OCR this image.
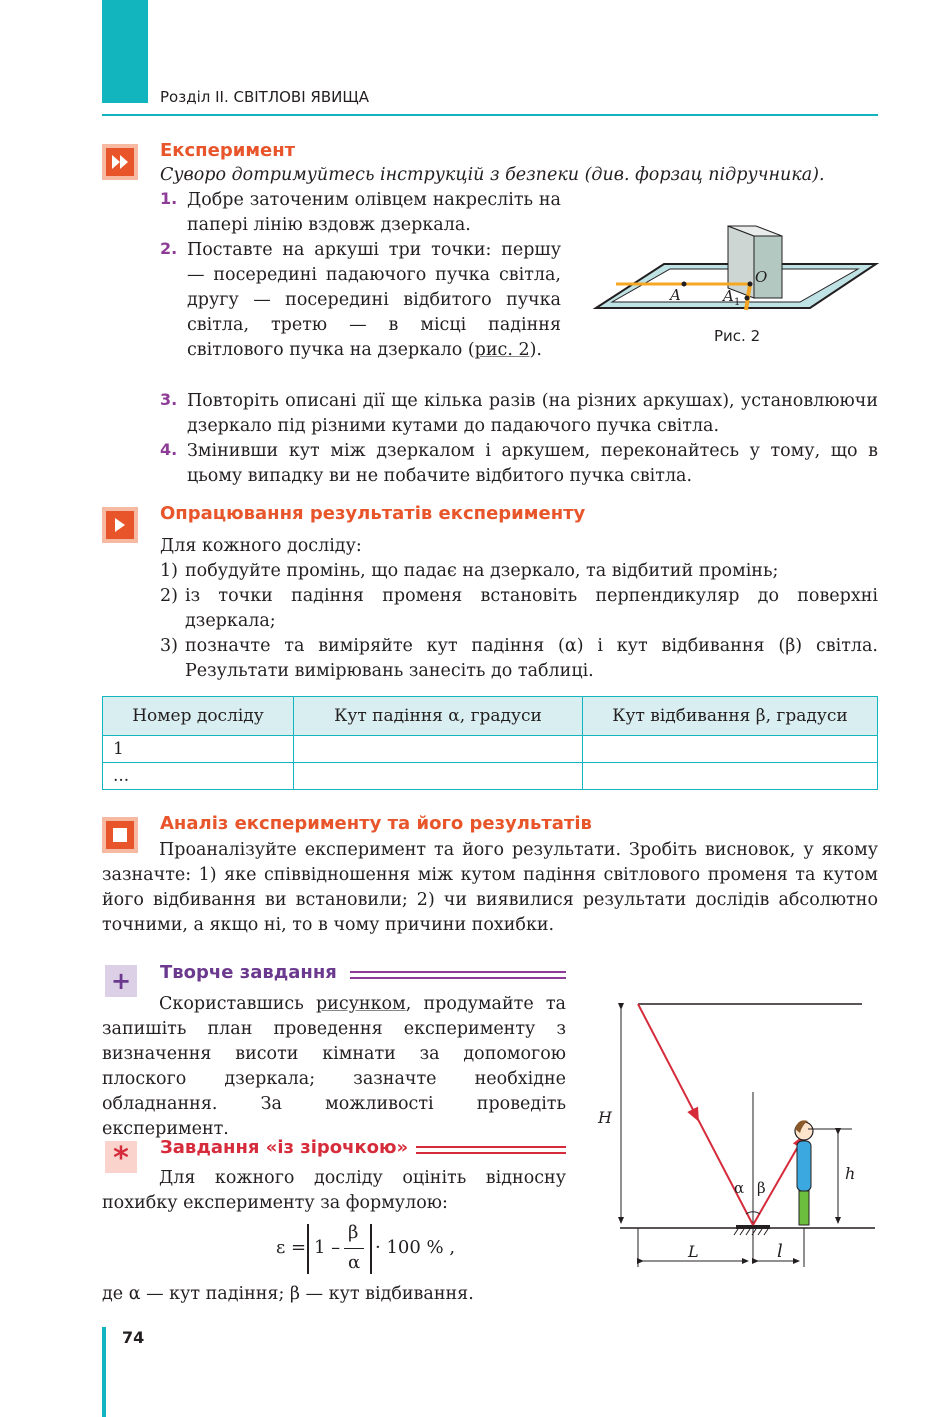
Розділ ІІ. СВІТЛОВІ ЯВИЩА
Експеримент
Суворо дотримуйтесь інструкцій з безпеки (див. форзац підручника).
1. Добре заточеним олівцем накресліть на папері лінію вздовж дзеркала.
2. Поставте на аркуші три точки: першу — посередині падаючого пучка світла, другу — посередині відбитого пучка світла, третю — в місці падіння світлового пучка на дзеркало (рис. 2).
3. Повторіть описані дії ще кілька разів (на різних аркушах), установлюючи дзеркало під різними кутами до падаючого пучка світла.
4. Змінивши кут між дзеркалом і аркушем, переконайтесь у тому, що в цьому випадку ви не побачите відбитого пучка світла.
A	A 1
O
Рис. 2
Опрацювання результатів експерименту
Для кожного досліду:
1) побудуйте промінь, що падає на дзеркало, та відбитий промінь;
2) із точки падіння променя встановіть перпендикуляр до поверхні дзеркала;
3) позначте та виміряйте кут падіння (α) і кут відбивання (β) світла. Результати вимірювань занесіть до таблиці.
Номер досліду	Кут падіння α, градуси	Кут відбивання β, градуси
1		
...		
Аналіз експерименту та його результатів
Проаналізуйте експеримент та його результати. Зробіть висновок, у якому зазначте: 1) яке співвідношення між кутом падіння світлового променя та кутом його відбивання ви встановили; 2) чи виявилися результати дослідів абсолютно точними, а якщо ні, то в чому причини похибки.
+	Творче завдання
Скориставшись рисунком, продумайте та запишіть план проведення експерименту з визначення висоти кімнати за допомогою плоского дзеркала; зазначте необхідне обладнання. За можливості проведіть експеримент.
*	Завдання «із зірочкою»
Для кожного досліду оцініть відносну похибку експерименту за формулою:
ε = 1 –
β
α
· 100 % ,
де α — кут падіння; β — кут відбивання.
H
α β
h
L	l
74
